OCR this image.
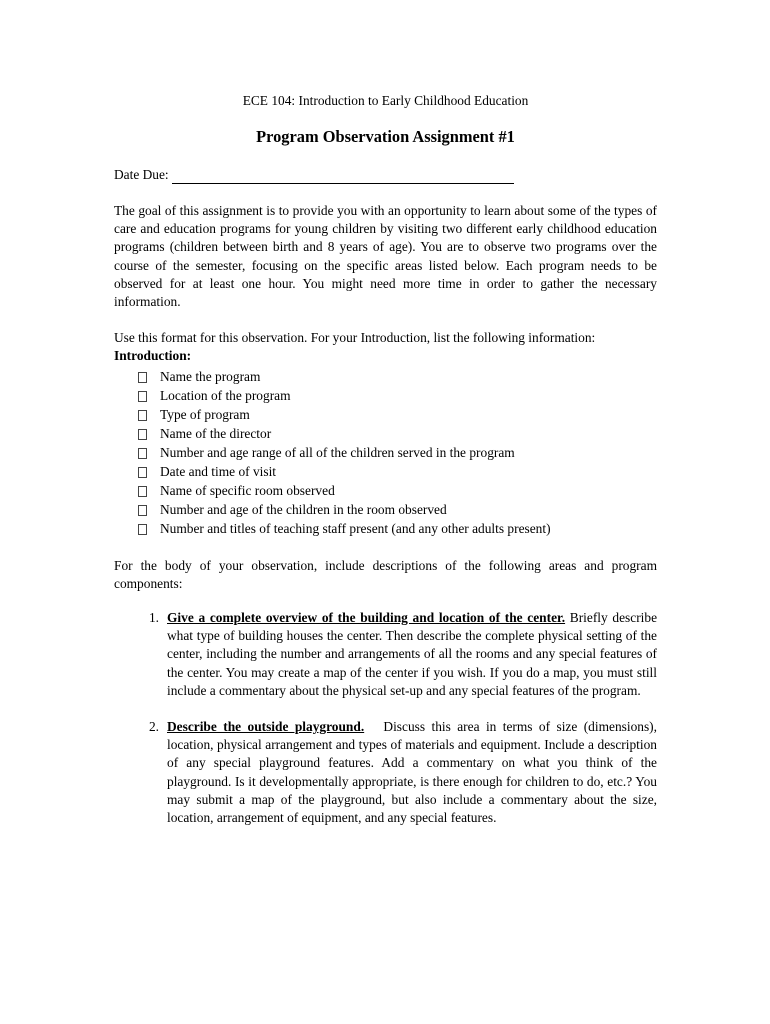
ECE 104: Introduction to Early Childhood Education
Program Observation Assignment #1
Date Due:

The goal of this assignment is to provide you with an opportunity to learn about some of the types of care and education programs for young children by visiting two different early childhood education programs (children between birth and 8 years of age). You are to observe two programs over the course of the semester, focusing on the specific areas listed below. Each program needs to be observed for at least one hour. You might need more time in order to gather the necessary information.

Use this format for this observation. For your Introduction, list the following information:

Introduction:
Name the program
Location of the program
Type of program
Name of the director
Number and age range of all of the children served in the program
Date and time of visit
Name of specific room observed
Number and age of the children in the room observed
Number and titles of teaching staff present (and any other adults present)

For the body of your observation, include descriptions of the following areas and program components:

1. Give a complete overview of the building and location of the center. Briefly describe what type of building houses the center. Then describe the complete physical setting of the center, including the number and arrangements of all the rooms and any special features of the center. You may create a map of the center if you wish. If you do a map, you must still include a commentary about the physical set-up and any special features of the program.
2. Describe the outside playground. Discuss this area in terms of size (dimensions), location, physical arrangement and types of materials and equipment. Include a description of any special playground features. Add a commentary on what you think of the playground. Is it developmentally appropriate, is there enough for children to do, etc.? You may submit a map of the playground, but also include a commentary about the size, location, arrangement of equipment, and any special features.
